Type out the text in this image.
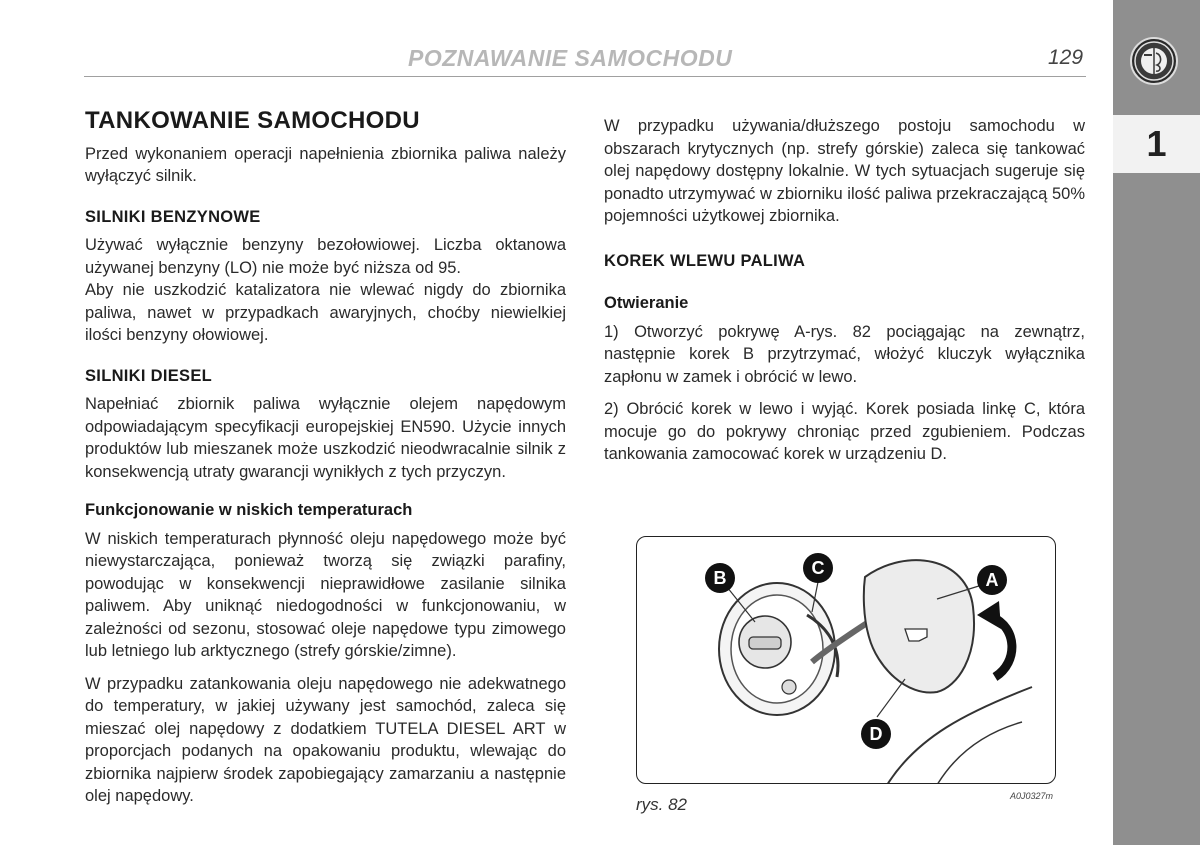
POZNAWANIE SAMOCHODU	129
1
TANKOWANIE SAMOCHODU

Przed wykonaniem operacji napełnienia zbiornika paliwa należy wyłączyć silnik.

SILNIKI BENZYNOWE

Używać wyłącznie benzyny bezołowiowej. Liczba oktanowa używanej benzyny (LO) nie może być niższa od 95.

Aby nie uszkodzić katalizatora nie wlewać nigdy do zbiornika paliwa, nawet w przypadkach awaryjnych, choćby niewielkiej ilości benzyny ołowiowej.

SILNIKI DIESEL

Napełniać zbiornik paliwa wyłącznie olejem napędowym odpowiadającym specyfikacji europejskiej EN590. Użycie innych produktów lub mieszanek może uszkodzić nieodwracalnie silnik z konsekwencją utraty gwarancji wynikłych z tych przyczyn.

Funkcjonowanie w niskich temperaturach

W niskich temperaturach płynność oleju napędowego może być niewystarczająca, ponieważ tworzą się związki parafiny, powodując w konsekwencji nieprawidłowe zasilanie silnika paliwem. Aby uniknąć niedogodności w funkcjonowaniu, w zależności od sezonu, stosować oleje napędowe typu zimowego lub letniego lub arktycznego (strefy górskie/zimne).

W przypadku zatankowania oleju napędowego nie adekwatnego do temperatury, w jakiej używany jest samochód, zaleca się mieszać olej napędowy z dodatkiem TUTELA DIESEL ART w proporcjach podanych na opakowaniu produktu, wlewając do zbiornika najpierw środek zapobiegający zamarzaniu a następnie olej napędowy.

W przypadku używania/dłuższego postoju samochodu w obszarach krytycznych (np. strefy górskie) zaleca się tankować olej napędowy dostępny lokalnie. W tych sytuacjach sugeruje się ponadto utrzymywać w zbiorniku ilość paliwa przekraczającą 50% pojemności użytkowej zbiornika.

KOREK WLEWU PALIWA
Otwieranie

1) Otworzyć pokrywę A-rys. 82 pociągając na zewnątrz, następnie korek B przytrzymać, włożyć kluczyk wyłącznika zapłonu w zamek i obrócić w lewo.

2) Obrócić korek w lewo i wyjąć. Korek posiada linkę C, która mocuje go do pokrywy chroniąc przed zgubieniem. Podczas tankowania zamocować korek w urządzeniu D.

B	C
A
D
rys. 82	A0J0327m
